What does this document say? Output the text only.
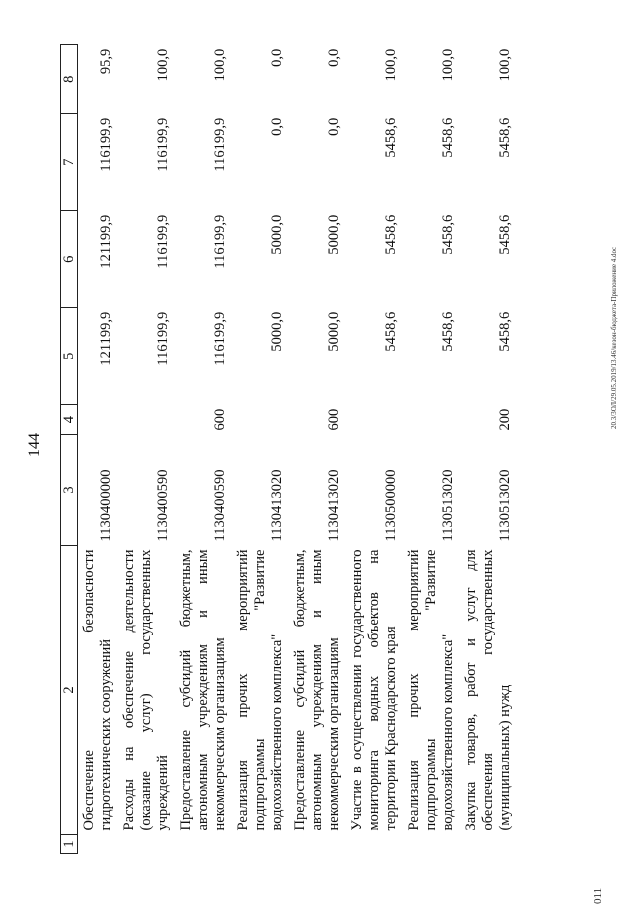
144
1	2	3	4	5	6	7	8
	Обеспечение безопасности гидротехнических сооружений	1130400000		121199,9	121199,9	116199,9	95,9
	Расходы на обеспечение деятельности (оказание услуг) государственных учреждений	1130400590		116199,9	116199,9	116199,9	100,0
	Предоставление субсидий бюджетным, автономным учреждениям и иным некоммерческим организациям	1130400590	600	116199,9	116199,9	116199,9	100,0
	Реализация прочих мероприятий подпрограммы "Развитие водохозяйственного комплекса"	1130413020		5000,0	5000,0	0,0	0,0
	Предоставление субсидий бюджетным, автономным учреждениям и иным некоммерческим организациям	1130413020	600	5000,0	5000,0	0,0	0,0
	Участие в осуществлении государственного мониторинга водных объектов на территории Краснодарского края	1130500000		5458,6	5458,6	5458,6	100,0
	Реализация прочих мероприятий подпрограммы "Развитие водохозяйственного комплекса"	1130513020		5458,6	5458,6	5458,6	100,0
	Закупка товаров, работ и услуг для обеспечения государственных (муниципальных) нужд	1130513020	200	5458,6	5458,6	5458,6	100,0
20.3/3ОЛ/29.05.2019/13.46/кезон-бюджета-Приложение 4.doc
011
